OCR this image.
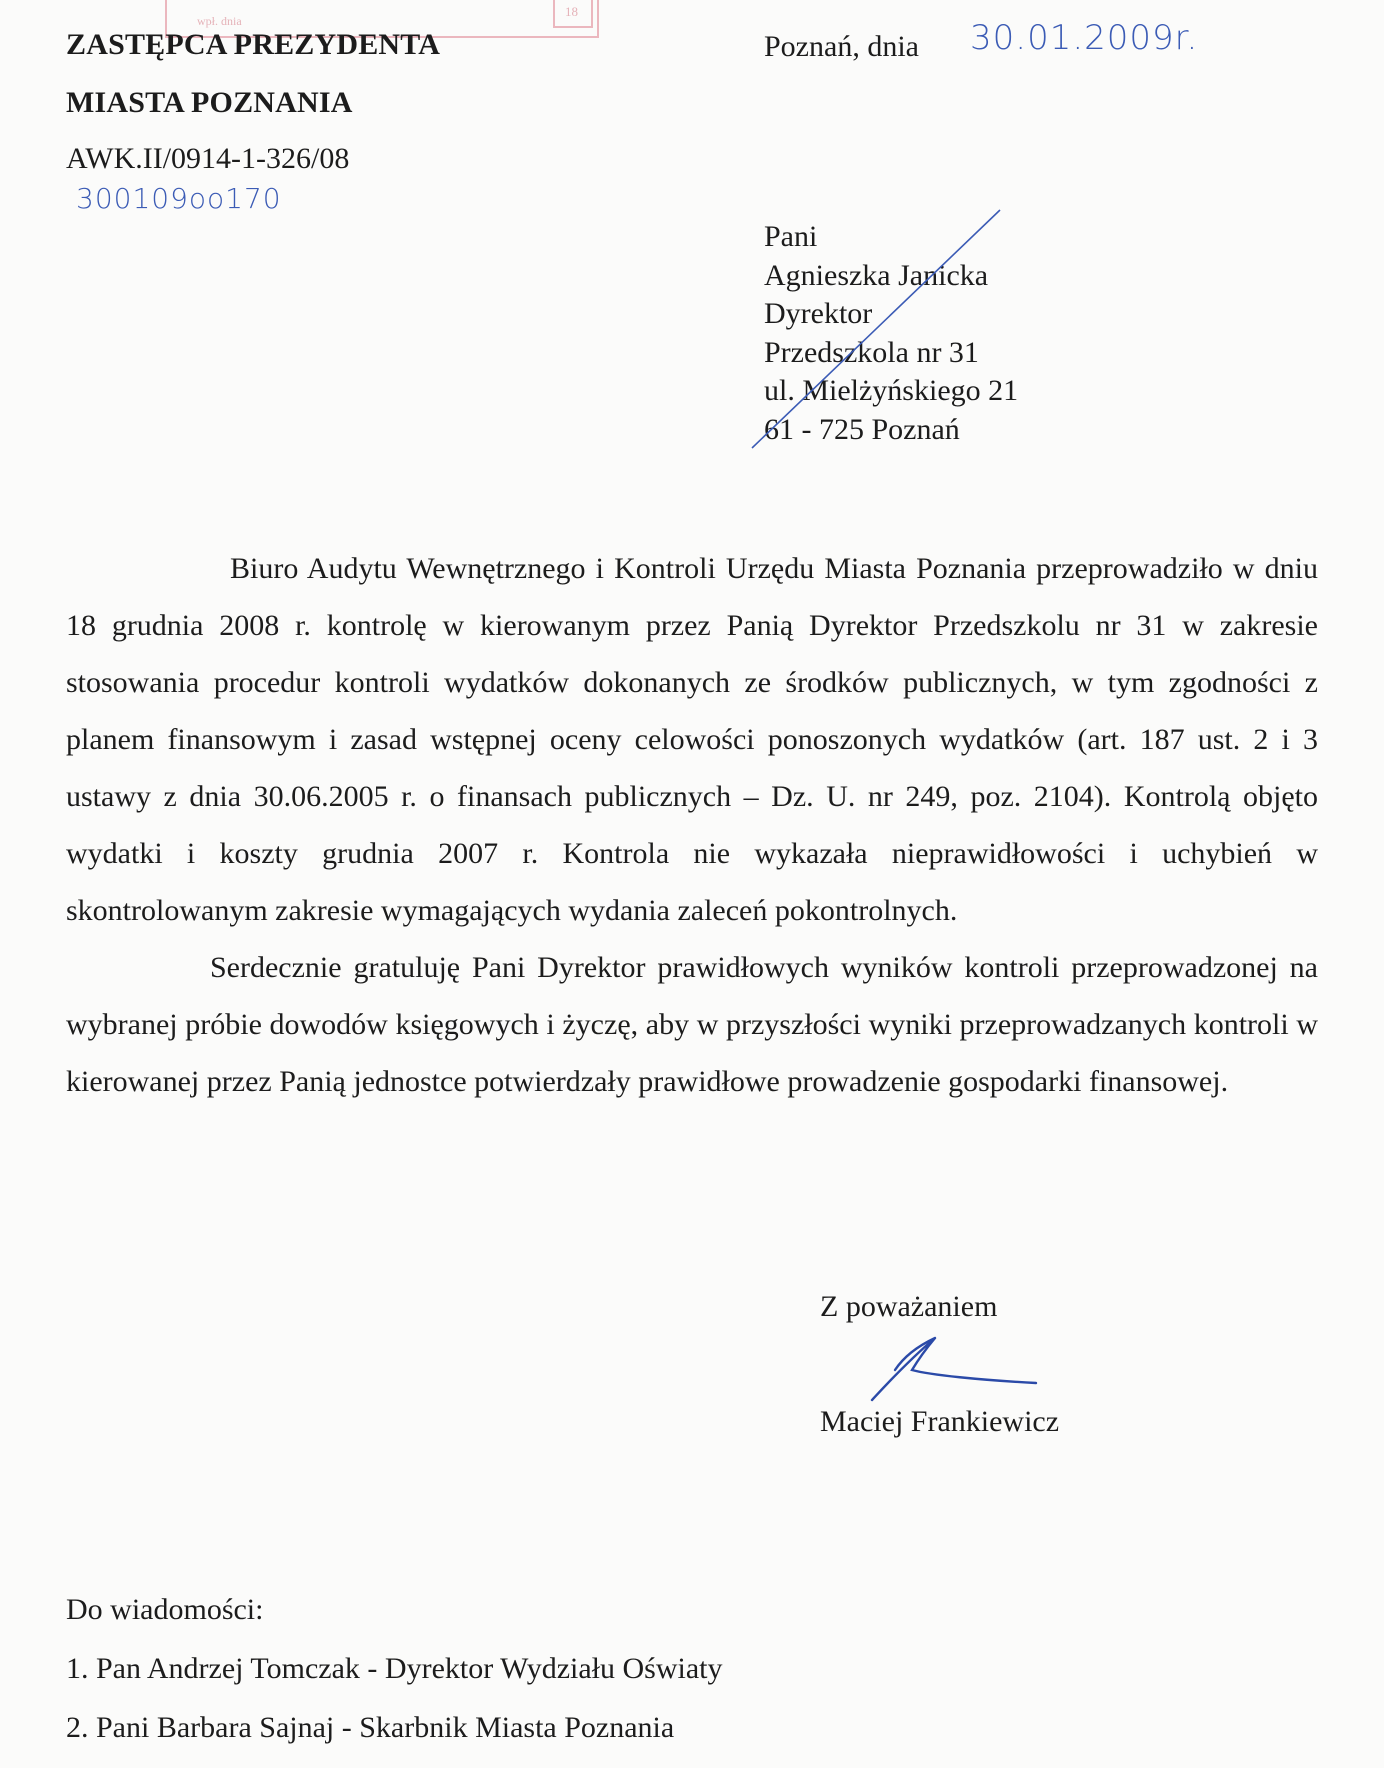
wpł. dnia
18
ZASTĘPCA PREZYDENTA
MIASTA POZNANIA
AWK.II/0914-1-326/08
300109oo170
Poznań, dnia 30.01.2009r.
Pani
Agnieszka Janicka
Dyrektor
Przedszkola nr 31
ul. Mielżyńskiego 21
61 - 725 Poznań

Biuro Audytu Wewnętrznego i Kontroli Urzędu Miasta Poznania przeprowadziło w dniu 18 grudnia 2008 r. kontrolę w kierowanym przez Panią Dyrektor Przedszkolu nr 31 w zakresie stosowania procedur kontroli wydatków dokonanych ze środków publicznych, w tym zgodności z planem finansowym i zasad wstępnej oceny celowości ponoszonych wydatków (art. 187 ust. 2 i 3 ustawy z dnia 30.06.2005 r. o finansach publicznych – Dz. U. nr 249, poz. 2104). Kontrolą objęto wydatki i koszty grudnia 2007 r. Kontrola nie wykazała nieprawidłowości i uchybień w skontrolowanym zakresie wymagających wydania zaleceń pokontrolnych.

Serdecznie gratuluję Pani Dyrektor prawidłowych wyników kontroli przeprowadzonej na wybranej próbie dowodów księgowych i życzę, aby w przyszłości wyniki przeprowadzanych kontroli w kierowanej przez Panią jednostce potwierdzały prawidłowe prowadzenie gospodarki finansowej.

Z poważaniem
Maciej Frankiewicz
Do wiadomości:
1. Pan Andrzej Tomczak - Dyrektor Wydziału Oświaty
2. Pani Barbara Sajnaj - Skarbnik Miasta Poznania
